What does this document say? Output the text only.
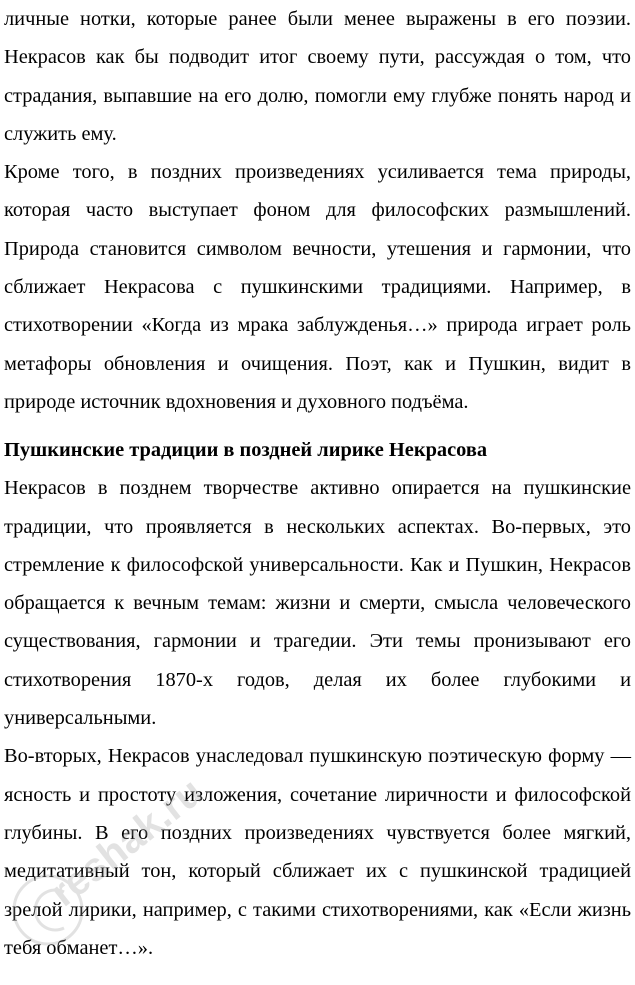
личные нотки, которые ранее были менее выражены в его поэзии. Некрасов как бы подводит итог своему пути, рассуждая о том, что страдания, выпавшие на его долю, помогли ему глубже понять народ и служить ему.

Кроме того, в поздних произведениях усиливается тема природы, которая часто выступает фоном для философских размышлений. Природа становится символом вечности, утешения и гармонии, что сближает Некрасова с пушкинскими традициями. Например, в стихотворении «Когда из мрака заблужденья…» природа играет роль метафоры обновления и очищения. Поэт, как и Пушкин, видит в природе источник вдохновения и духовного подъёма.

Пушкинские традиции в поздней лирике Некрасова

Некрасов в позднем творчестве активно опирается на пушкинские традиции, что проявляется в нескольких аспектах. Во-первых, это стремление к философской универсальности. Как и Пушкин, Некрасов обращается к вечным темам: жизни и смерти, смысла человеческого существования, гармонии и трагедии. Эти темы пронизывают его стихотворения 1870-х годов, делая их более глубокими и универсальными.

Во-вторых, Некрасов унаследовал пушкинскую поэтическую форму — ясность и простоту изложения, сочетание лиричности и философской глубины. В его поздних произведениях чувствуется более мягкий, медитативный тон, который сближает их с пушкинской традицией зрелой лирики, например, с такими стихотворениями, как «Если жизнь тебя обманет…».

reshak.ru
